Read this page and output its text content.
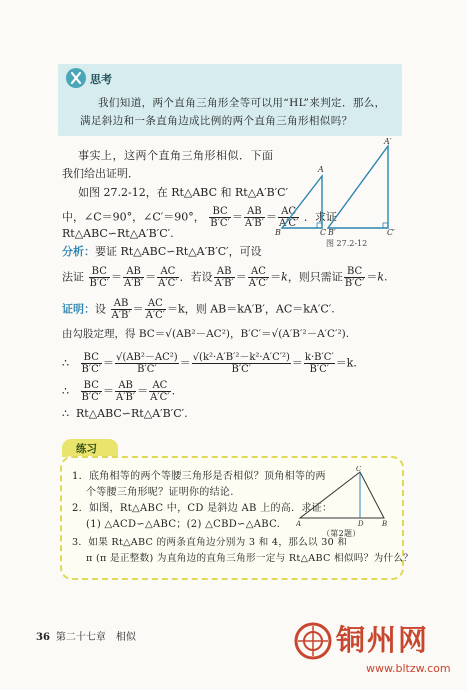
思考
我们知道，两个直角三角形全等可以用“HL”来判定．那么，满足斜边和一条直角边成比例的两个直角三角形相似吗？
事实上，这两个直角三角形相似．下面
我们给出证明．
如图 27.2-12，在 Rt△ABC 和 Rt△A′B′C′
中，∠C＝90°，∠C′＝90°， $\frac{BC}{B'C'} = \frac{AB}{A'B'} = \frac{AC}{A'C'}$ ．求证
Rt△ABC∽Rt△A′B′C′.
分析：要证 Rt△ABC∽Rt△A′B′C′，可设
法证 $\frac{BC}{B'C'} = \frac{AB}{A'B'} = \frac{AC}{A'C'}$ ．若设 $\frac{AB}{A'B'} = \frac{AC}{A'C'} =k$，则只需证 $\frac{BC}{B'C'} =k$.
证明：设 $\frac{AB}{A'B'} = \frac{AC}{A'C'} =k$，则 AB＝kA′B′，AC＝kA′C′.
由勾股定理，得 BC＝√(AB²－AC²)，B′C′＝√(A′B′²－A′C′²).
∴ $\frac{BC}{B'C'} = \frac{\text{√(AB²－AC²)}}{B'C'} = \frac{\text{√(k²·A′B′²－k²·A′C′²)}}{B'C'} = \frac{k\cdot B'C'}{B'C'} =k$.
∴ $\frac{BC}{B'C'} = \frac{AB}{A'B'} = \frac{AC}{A'C'}$ .
∴ Rt△ABC∽Rt△A′B′C′.
A
B	C
A′
B′	C′
图 27.2-12
练习
1．底角相等的两个等腰三角形是否相似？顶角相等的两
个等腰三角形呢？证明你的结论.
2．如图，Rt△ABC 中，CD 是斜边 AB 上的高．求证：
(1) △ACD∽△ABC；(2) △CBD∽△ABC.
3．如果 Rt△ABC 的两条直角边分别为 3 和 4，那么以 30 和
π (π 是正整数) 为直角边的直角三角形一定与 Rt△ABC 相似吗？为什么？
C
A	D	B
（第2题）
36 第二十七章　相似	铜州网
www.bltzw.com
